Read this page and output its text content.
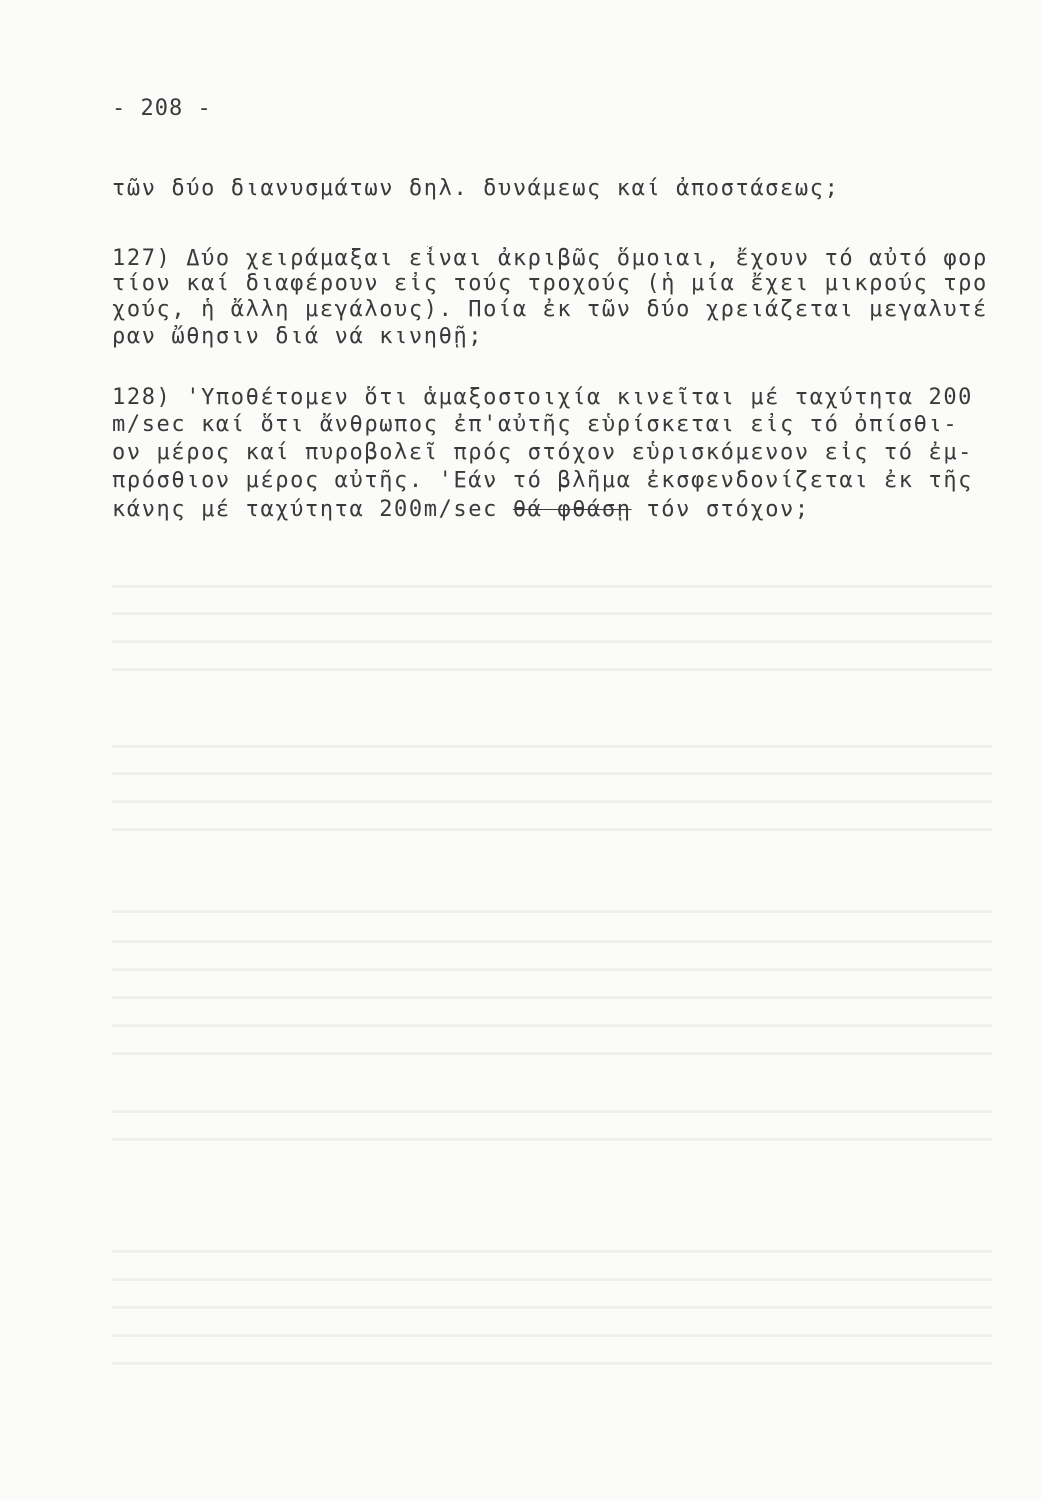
- 208 -
τῶν δύο διανυσμάτων δηλ. δυνάμεως καί ἀποστάσεως;
127) Δύο χειράμαξαι εἶναι ἀκριβῶς ὅμοιαι, ἔχουν τό αὐτό φορ
τίον καί διαφέρουν εἰς τούς τροχούς (ἡ μία ἔχει μικρούς τρο
χούς, ἡ ἄλλη μεγάλους). Ποία ἐκ τῶν δύο χρειάζεται μεγαλυτέ
ραν ὤθησιν διά νά κινηθῇ;
128) 'Υποθέτομεν ὅτι ἁμαξοστοιχία κινεῖται μέ ταχύτητα 200
m/sec καί ὅτι ἄνθρωπος ἐπ'αὐτῆς εὑρίσκεται εἰς τό ὀπίσθι-
ον μέρος καί πυροβολεῖ πρός στόχον εὑρισκόμενον εἰς τό ἐμ-
πρόσθιον μέρος αὐτῆς. 'Εάν τό βλῆμα ἐκσφενδονίζεται ἐκ τῆς
κάνης μέ ταχύτητα 200m/sec θά φθάσῃ τόν στόχον;
